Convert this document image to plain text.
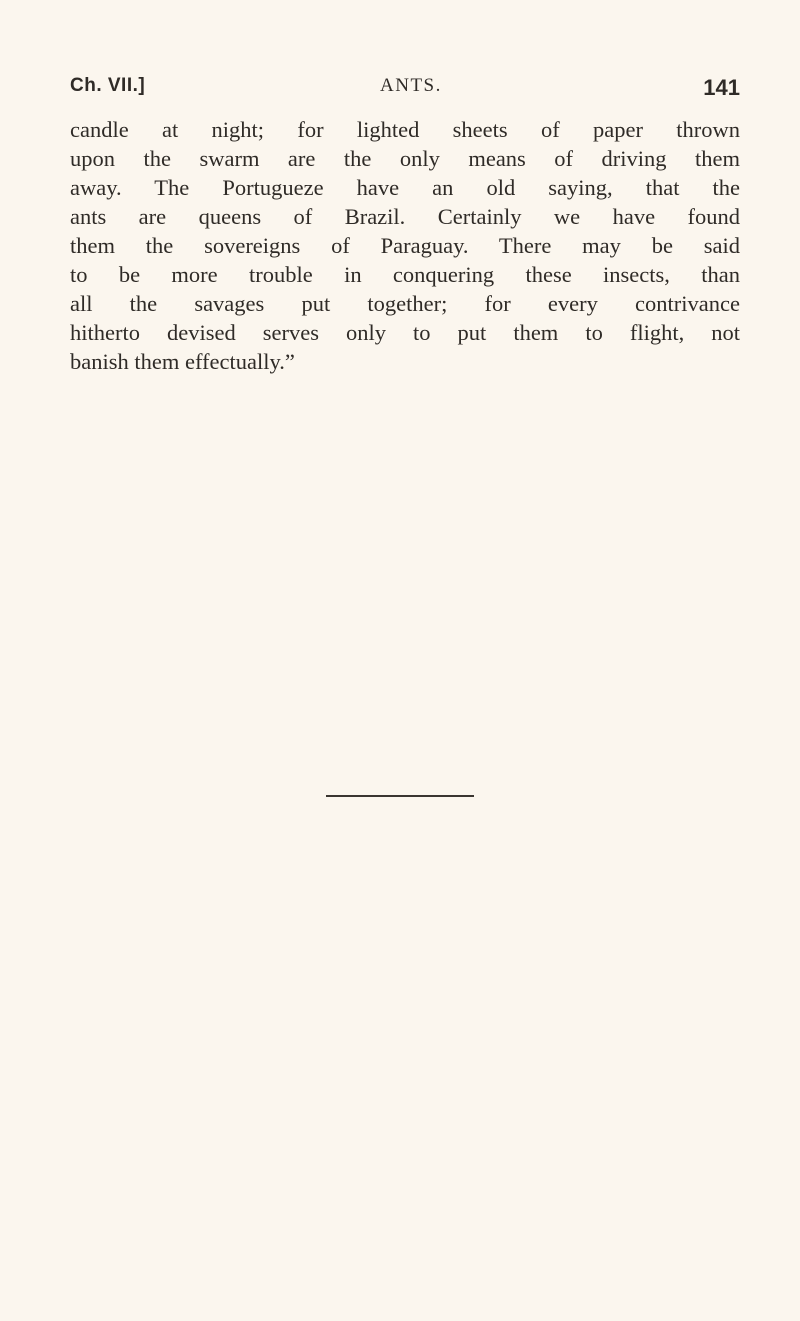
Ch. VII.]	ANTS.	141
candle at night; for lighted sheets of paper thrown
upon the swarm are the only means of driving them
away. The Portugueze have an old saying, that the
ants are queens of Brazil. Certainly we have found
them the sovereigns of Paraguay. There may be said
to be more trouble in conquering these insects, than
all the savages put together; for every contrivance
hitherto devised serves only to put them to flight, not
banish them effectually.”
